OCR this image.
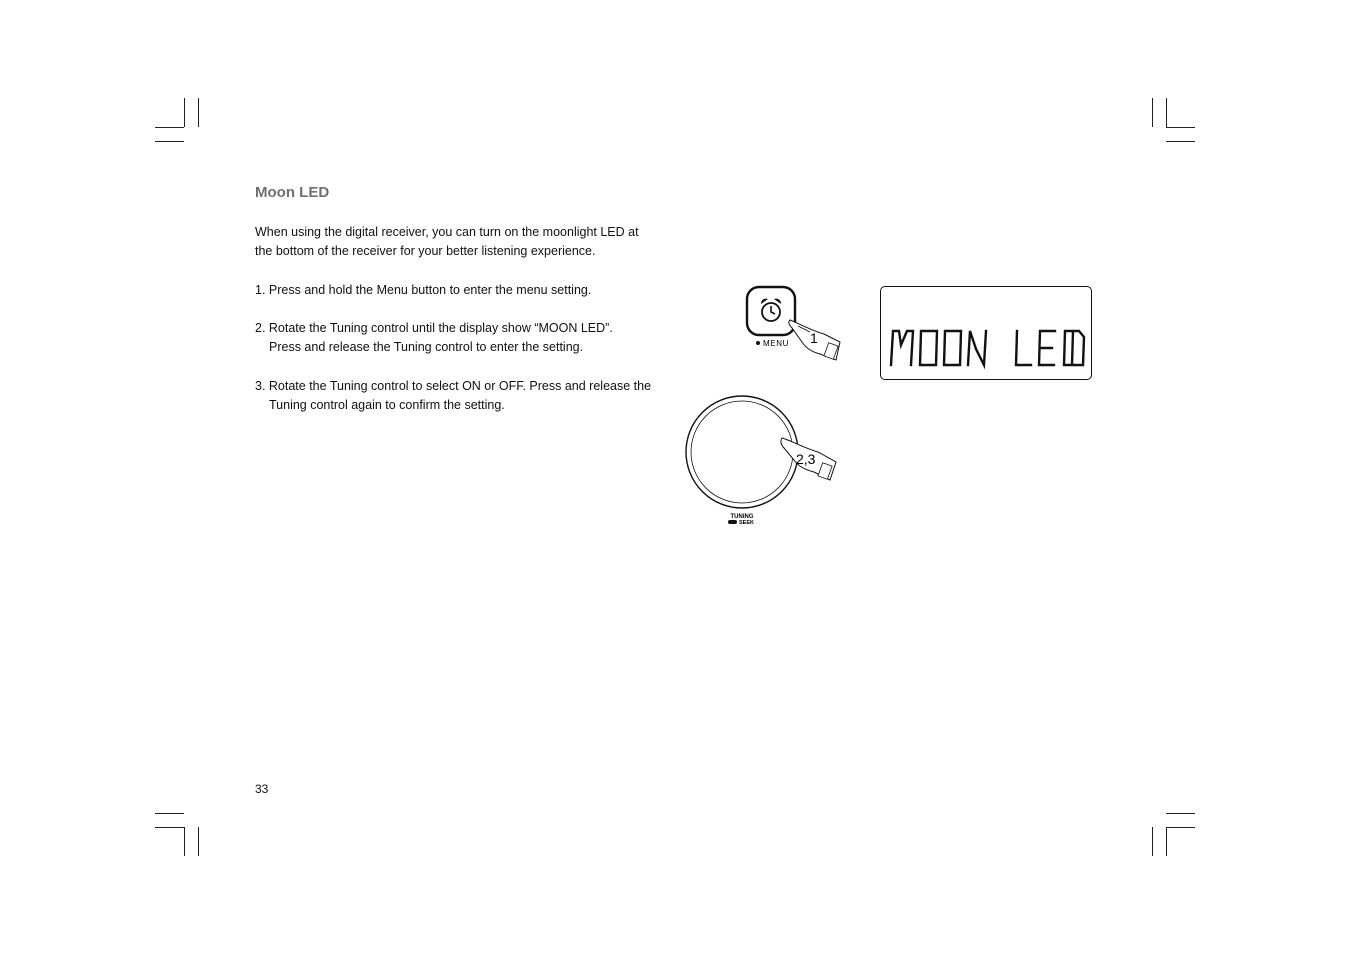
Moon LED
When using the digital receiver, you can turn on the moonlight LED at
the bottom of the receiver for your better listening experience.
1. Press and hold the Menu button to enter the menu setting.
2. Rotate the Tuning control until the display show “MOON LED”.
Press and release the Tuning control to enter the setting.
3. Rotate the Tuning control to select ON or OFF. Press and release the
Tuning control again to confirm the setting.
33
1
MENU
2,3
TUNING
SEEK
